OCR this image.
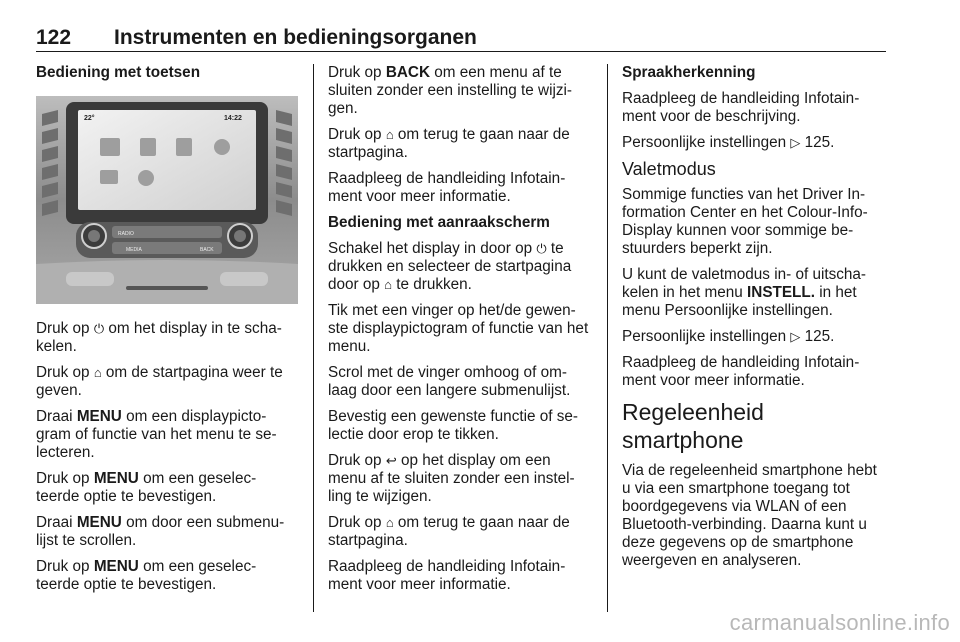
122 Instrumenten en bedieningsorganen

Bediening met toetsen

22°	14:22
RADIO
MEDIA	BACK

Druk op ⏻ om het display in te scha-kelen.

Druk op ⌂ om de startpagina weer te geven.

Draai MENU om een displaypicto-gram of functie van het menu te se-lecteren.

Druk op MENU om een geselec-teerde optie te bevestigen.

Draai MENU om door een submenu-lijst te scrollen.

Druk op MENU om een geselec-teerde optie te bevestigen.

Druk op BACK om een menu af te sluiten zonder een instelling te wijzi-gen.

Druk op ⌂ om terug te gaan naar de startpagina.

Raadpleeg de handleiding Infotain-ment voor meer informatie.

Bediening met aanraakscherm

Schakel het display in door op ⏻ te drukken en selecteer de startpagina door op ⌂ te drukken.

Tik met een vinger op het/de gewen-ste displaypictogram of functie van het menu.

Scrol met de vinger omhoog of om-laag door een langere submenulijst.

Bevestig een gewenste functie of se-lectie door erop te tikken.

Druk op ↩ op het display om een menu af te sluiten zonder een instel-ling te wijzigen.

Druk op ⌂ om terug te gaan naar de startpagina.

Raadpleeg de handleiding Infotain-ment voor meer informatie.

Spraakherkenning

Raadpleeg de handleiding Infotain-ment voor de beschrijving.

Persoonlijke instellingen ▷ 125.

Valetmodus

Sommige functies van het Driver In-formation Center en het Colour-Info-Display kunnen voor sommige be-stuurders beperkt zijn.

U kunt de valetmodus in- of uitscha-kelen in het menu INSTELL. in het menu Persoonlijke instellingen.

Persoonlijke instellingen ▷ 125.

Raadpleeg de handleiding Infotain-ment voor meer informatie.

Regeleenheid smartphone

Via de regeleenheid smartphone hebt u via een smartphone toegang tot boordgegevens via WLAN of een Bluetooth-verbinding. Daarna kunt u deze gegevens op de smartphone weergeven en analyseren.

carmanualsonline.info
